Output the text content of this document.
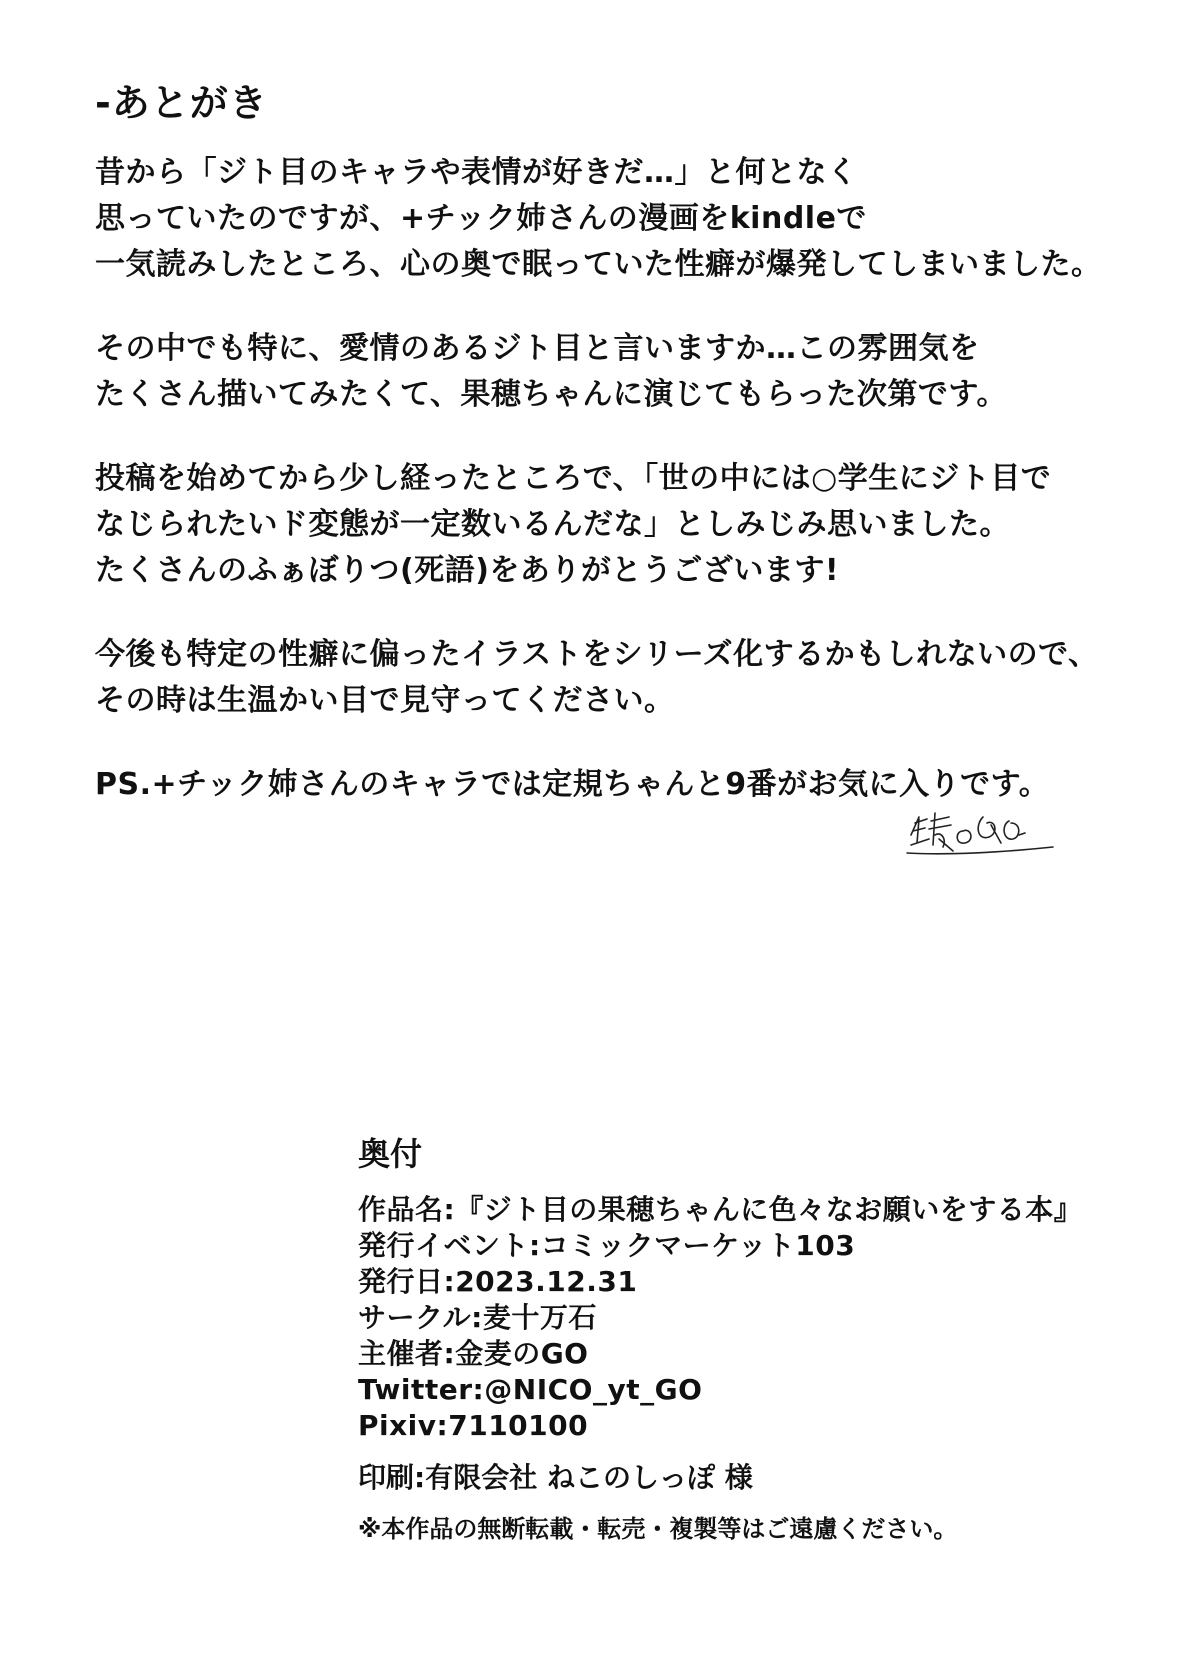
-あとがき
昔から「ジト目のキャラや表情が好きだ…」と何となく
思っていたのですが、+チック姉さんの漫画をkindleで
一気読みしたところ、心の奥で眠っていた性癖が爆発してしまいました。
その中でも特に、愛情のあるジト目と言いますか…この雰囲気を
たくさん描いてみたくて、果穂ちゃんに演じてもらった次第です。
投稿を始めてから少し経ったところで、「世の中には○学生にジト目で
なじられたいド変態が一定数いるんだな」としみじみ思いました。
たくさんのふぁぼりつ(死語)をありがとうございます!
今後も特定の性癖に偏ったイラストをシリーズ化するかもしれないので、
その時は生温かい目で見守ってください。
PS.+チック姉さんのキャラでは定規ちゃんと9番がお気に入りです。
奥付
作品名:『ジト目の果穂ちゃんに色々なお願いをする本』
発行イベント:コミックマーケット103
発行日:2023.12.31
サークル:麦十万石
主催者:金麦のGO
Twitter:@NICO_yt_GO
Pixiv:7110100
印刷:有限会社 ねこのしっぽ 様
※本作品の無断転載・転売・複製等はご遠慮ください。
